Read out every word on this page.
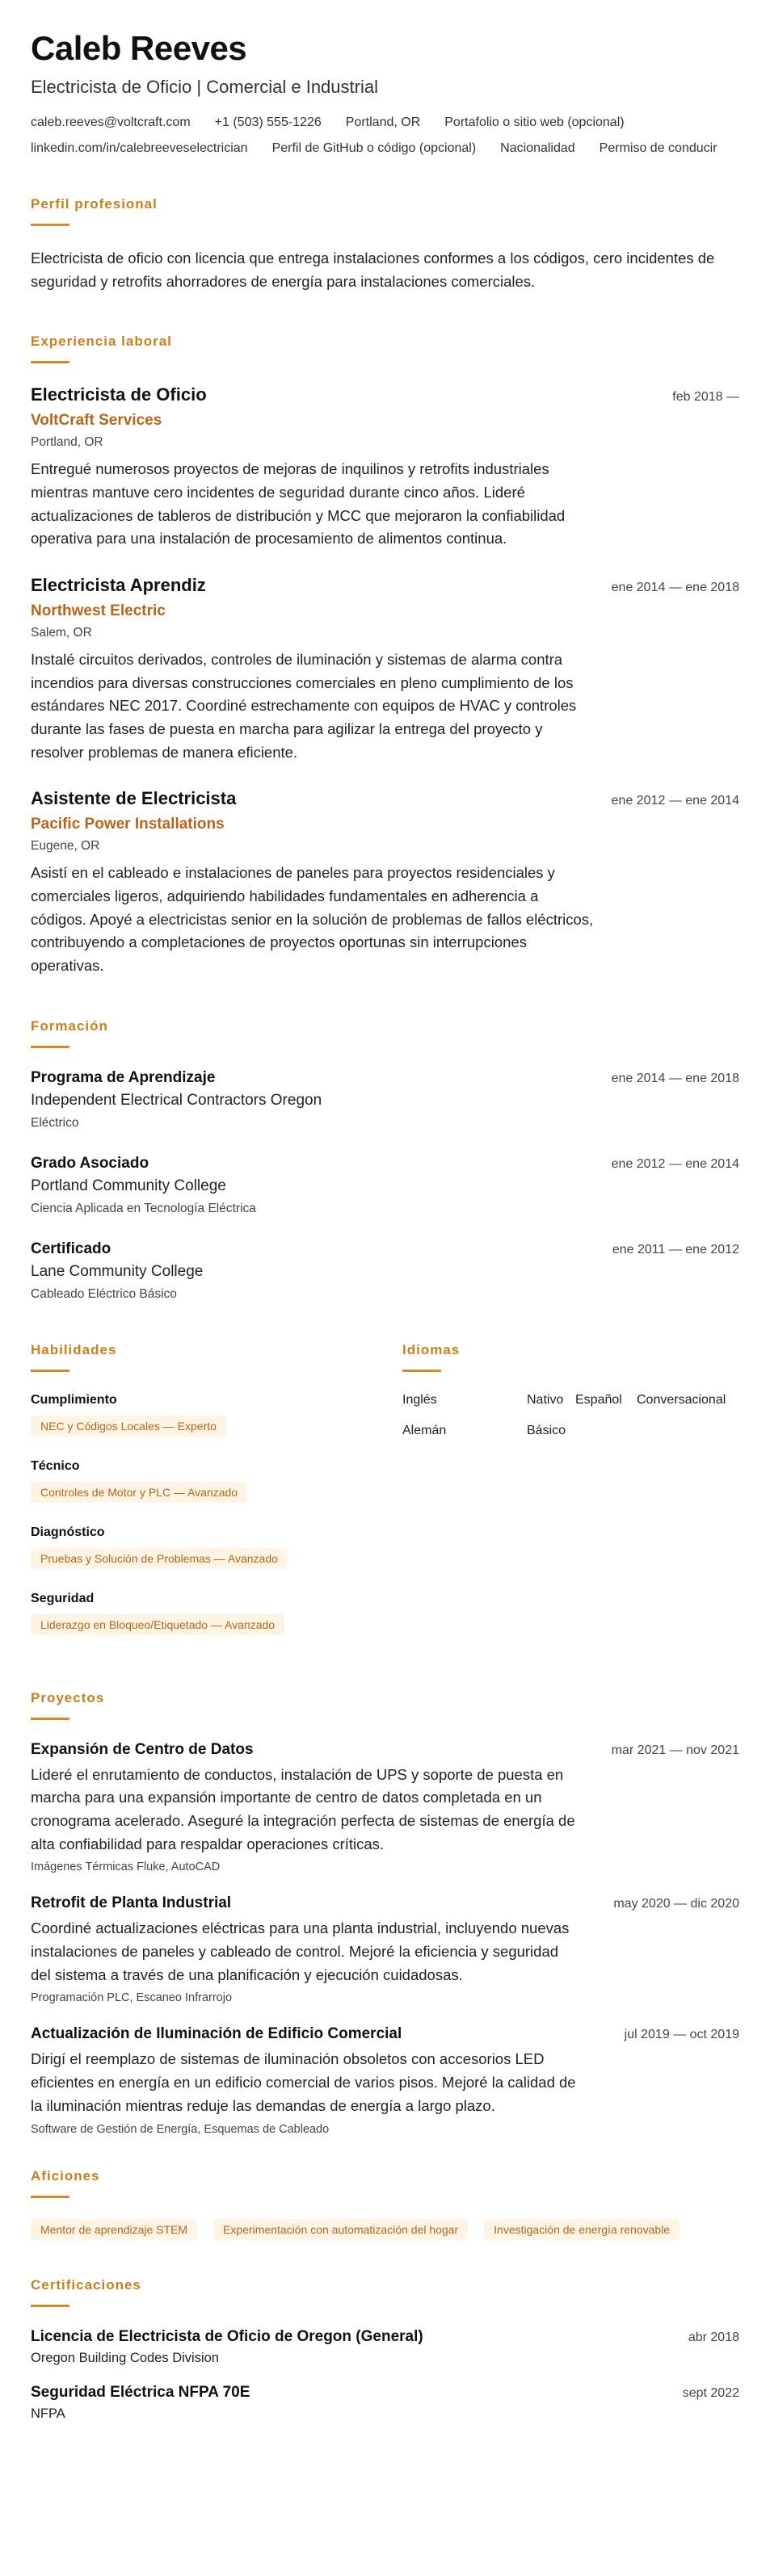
Caleb Reeves
Electricista de Oficio | Comercial e Industrial
caleb.reeves@voltcraft.com +1 (503) 555-1226 Portland, OR Portafolio o sitio web (opcional)
linkedin.com/in/calebreeveselectrician Perfil de GitHub o código (opcional) Nacionalidad Permiso de conducir
Perfil profesional
Electricista de oficio con licencia que entrega instalaciones conformes a los códigos, cero incidentes de seguridad y retrofits ahorradores de energía para instalaciones comerciales.
Experiencia laboral
Electricista de Oficio	feb 2018 —
VoltCraft Services
Portland, OR
Entregué numerosos proyectos de mejoras de inquilinos y retrofits industriales mientras mantuve cero incidentes de seguridad durante cinco años. Lideré actualizaciones de tableros de distribución y MCC que mejoraron la confiabilidad operativa para una instalación de procesamiento de alimentos continua.
Electricista Aprendiz	ene 2014 — ene 2018
Northwest Electric
Salem, OR
Instalé circuitos derivados, controles de iluminación y sistemas de alarma contra incendios para diversas construcciones comerciales en pleno cumplimiento de los estándares NEC 2017. Coordiné estrechamente con equipos de HVAC y controles durante las fases de puesta en marcha para agilizar la entrega del proyecto y resolver problemas de manera eficiente.
Asistente de Electricista	ene 2012 — ene 2014
Pacific Power Installations
Eugene, OR
Asistí en el cableado e instalaciones de paneles para proyectos residenciales y comerciales ligeros, adquiriendo habilidades fundamentales en adherencia a códigos. Apoyé a electricistas senior en la solución de problemas de fallos eléctricos, contribuyendo a completaciones de proyectos oportunas sin interrupciones operativas.
Formación
Programa de Aprendizaje	ene 2014 — ene 2018
Independent Electrical Contractors Oregon
Eléctrico
Grado Asociado	ene 2012 — ene 2014
Portland Community College
Ciencia Aplicada en Tecnología Eléctrica
Certificado	ene 2011 — ene 2012
Lane Community College
Cableado Eléctrico Básico
Habilidades
Cumplimiento
NEC y Códigos Locales — Experto
Técnico
Controles de Motor y PLC — Avanzado
Diagnóstico
Pruebas y Solución de Problemas — Avanzado
Seguridad
Liderazgo en Bloqueo/Etiquetado — Avanzado
Idiomas
Inglés	Nativo Español	Conversacional
Alemán	Básico
Proyectos
Expansión de Centro de Datos	mar 2021 — nov 2021
Lideré el enrutamiento de conductos, instalación de UPS y soporte de puesta en marcha para una expansión importante de centro de datos completada en un cronograma acelerado. Aseguré la integración perfecta de sistemas de energía de alta confiabilidad para respaldar operaciones críticas.
Imágenes Térmicas Fluke, AutoCAD
Retrofit de Planta Industrial	may 2020 — dic 2020
Coordiné actualizaciones eléctricas para una planta industrial, incluyendo nuevas instalaciones de paneles y cableado de control. Mejoré la eficiencia y seguridad del sistema a través de una planificación y ejecución cuidadosas.
Programación PLC, Escaneo Infrarrojo
Actualización de Iluminación de Edificio Comercial	jul 2019 — oct 2019
Dirigí el reemplazo de sistemas de iluminación obsoletos con accesorios LED eficientes en energía en un edificio comercial de varios pisos. Mejoré la calidad de la iluminación mientras reduje las demandas de energía a largo plazo.
Software de Gestión de Energía, Esquemas de Cableado
Aficiones
Mentor de aprendizaje STEM	Experimentación con automatización del hogar	Investigación de energía renovable
Certificaciones
Licencia de Electricista de Oficio de Oregon (General)	abr 2018
Oregon Building Codes Division
Seguridad Eléctrica NFPA 70E	sept 2022
NFPA
